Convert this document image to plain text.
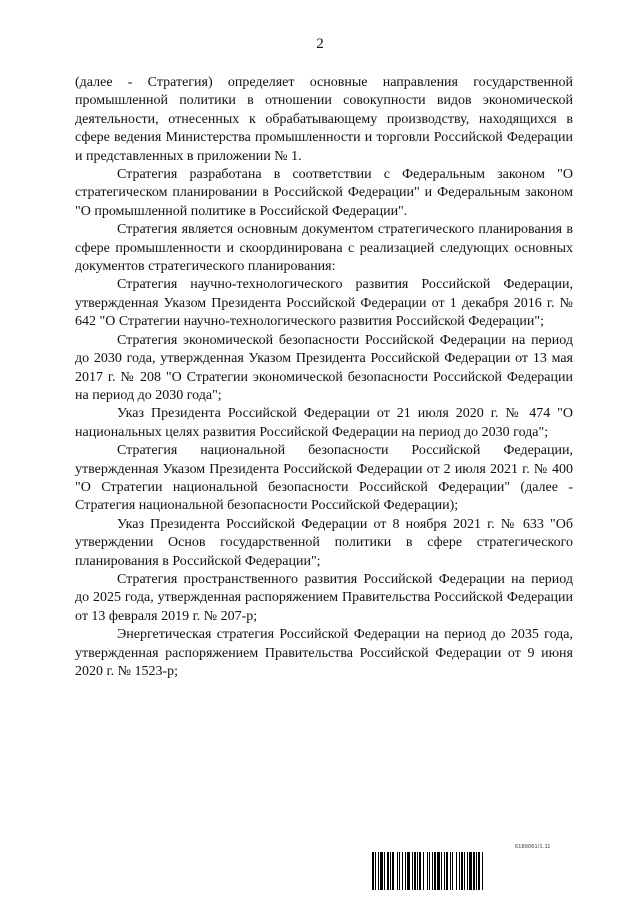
2

(далее - Стратегия) определяет основные направления государственной промышленной политики в отношении совокупности видов экономической деятельности, отнесенных к обрабатывающему производству, находящихся в сфере ведения Министерства промышленности и торговли Российской Федерации и представленных в приложении № 1.

Стратегия разработана в соответствии с Федеральным законом "О стратегическом планировании в Российской Федерации" и Федеральным законом "О промышленной политике в Российской Федерации".

Стратегия является основным документом стратегического планирования в сфере промышленности и скоординирована с реализацией следующих основных документов стратегического планирования:

Стратегия научно-технологического развития Российской Федерации, утвержденная Указом Президента Российской Федерации от 1 декабря 2016 г. № 642 "О Стратегии научно-технологического развития Российской Федерации";

Стратегия экономической безопасности Российской Федерации на период до 2030 года, утвержденная Указом Президента Российской Федерации от 13 мая 2017 г. № 208 "О Стратегии экономической безопасности Российской Федерации на период до 2030 года";

Указ Президента Российской Федерации от 21 июля 2020 г. № 474 "О национальных целях развития Российской Федерации на период до 2030 года";

Стратегия национальной безопасности Российской Федерации, утвержденная Указом Президента Российской Федерации от 2 июля 2021 г. № 400 "О Стратегии национальной безопасности Российской Федерации" (далее - Стратегия национальной безопасности Российской Федерации);

Указ Президента Российской Федерации от 8 ноября 2021 г. № 633 "Об утверждении Основ государственной политики в сфере стратегического планирования в Российской Федерации";

Стратегия пространственного развития Российской Федерации на период до 2025 года, утвержденная распоряжением Правительства Российской Федерации от 13 февраля 2019 г. № 207-р;

Энергетическая стратегия Российской Федерации на период до 2035 года, утвержденная распоряжением Правительства Российской Федерации от 9 июня 2020 г. № 1523-р;

6189061/1.11
